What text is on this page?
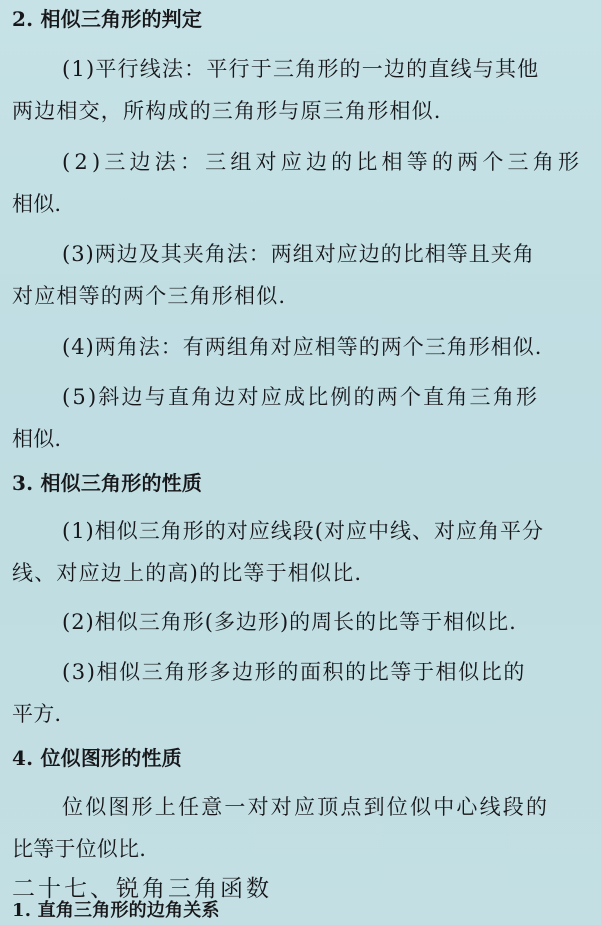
2. 相似三角形的判定
(1)平行线法：平行于三角形的一边的直线与其他
两边相交，所构成的三角形与原三角形相似.
(2)三边法：三组对应边的比相等的两个三角形
相似.
(3)两边及其夹角法：两组对应边的比相等且夹角
对应相等的两个三角形相似.
(4)两角法：有两组角对应相等的两个三角形相似.
(5)斜边与直角边对应成比例的两个直角三角形
相似.
3. 相似三角形的性质
(1)相似三角形的对应线段(对应中线、对应角平分
线、对应边上的高)的比等于相似比.
(2)相似三角形(多边形)的周长的比等于相似比.
(3)相似三角形多边形的面积的比等于相似比的
平方.
4. 位似图形的性质
位似图形上任意一对对应顶点到位似中心线段的
比等于位似比.
二十七、锐角三角函数
1. 直角三角形的边角关系
